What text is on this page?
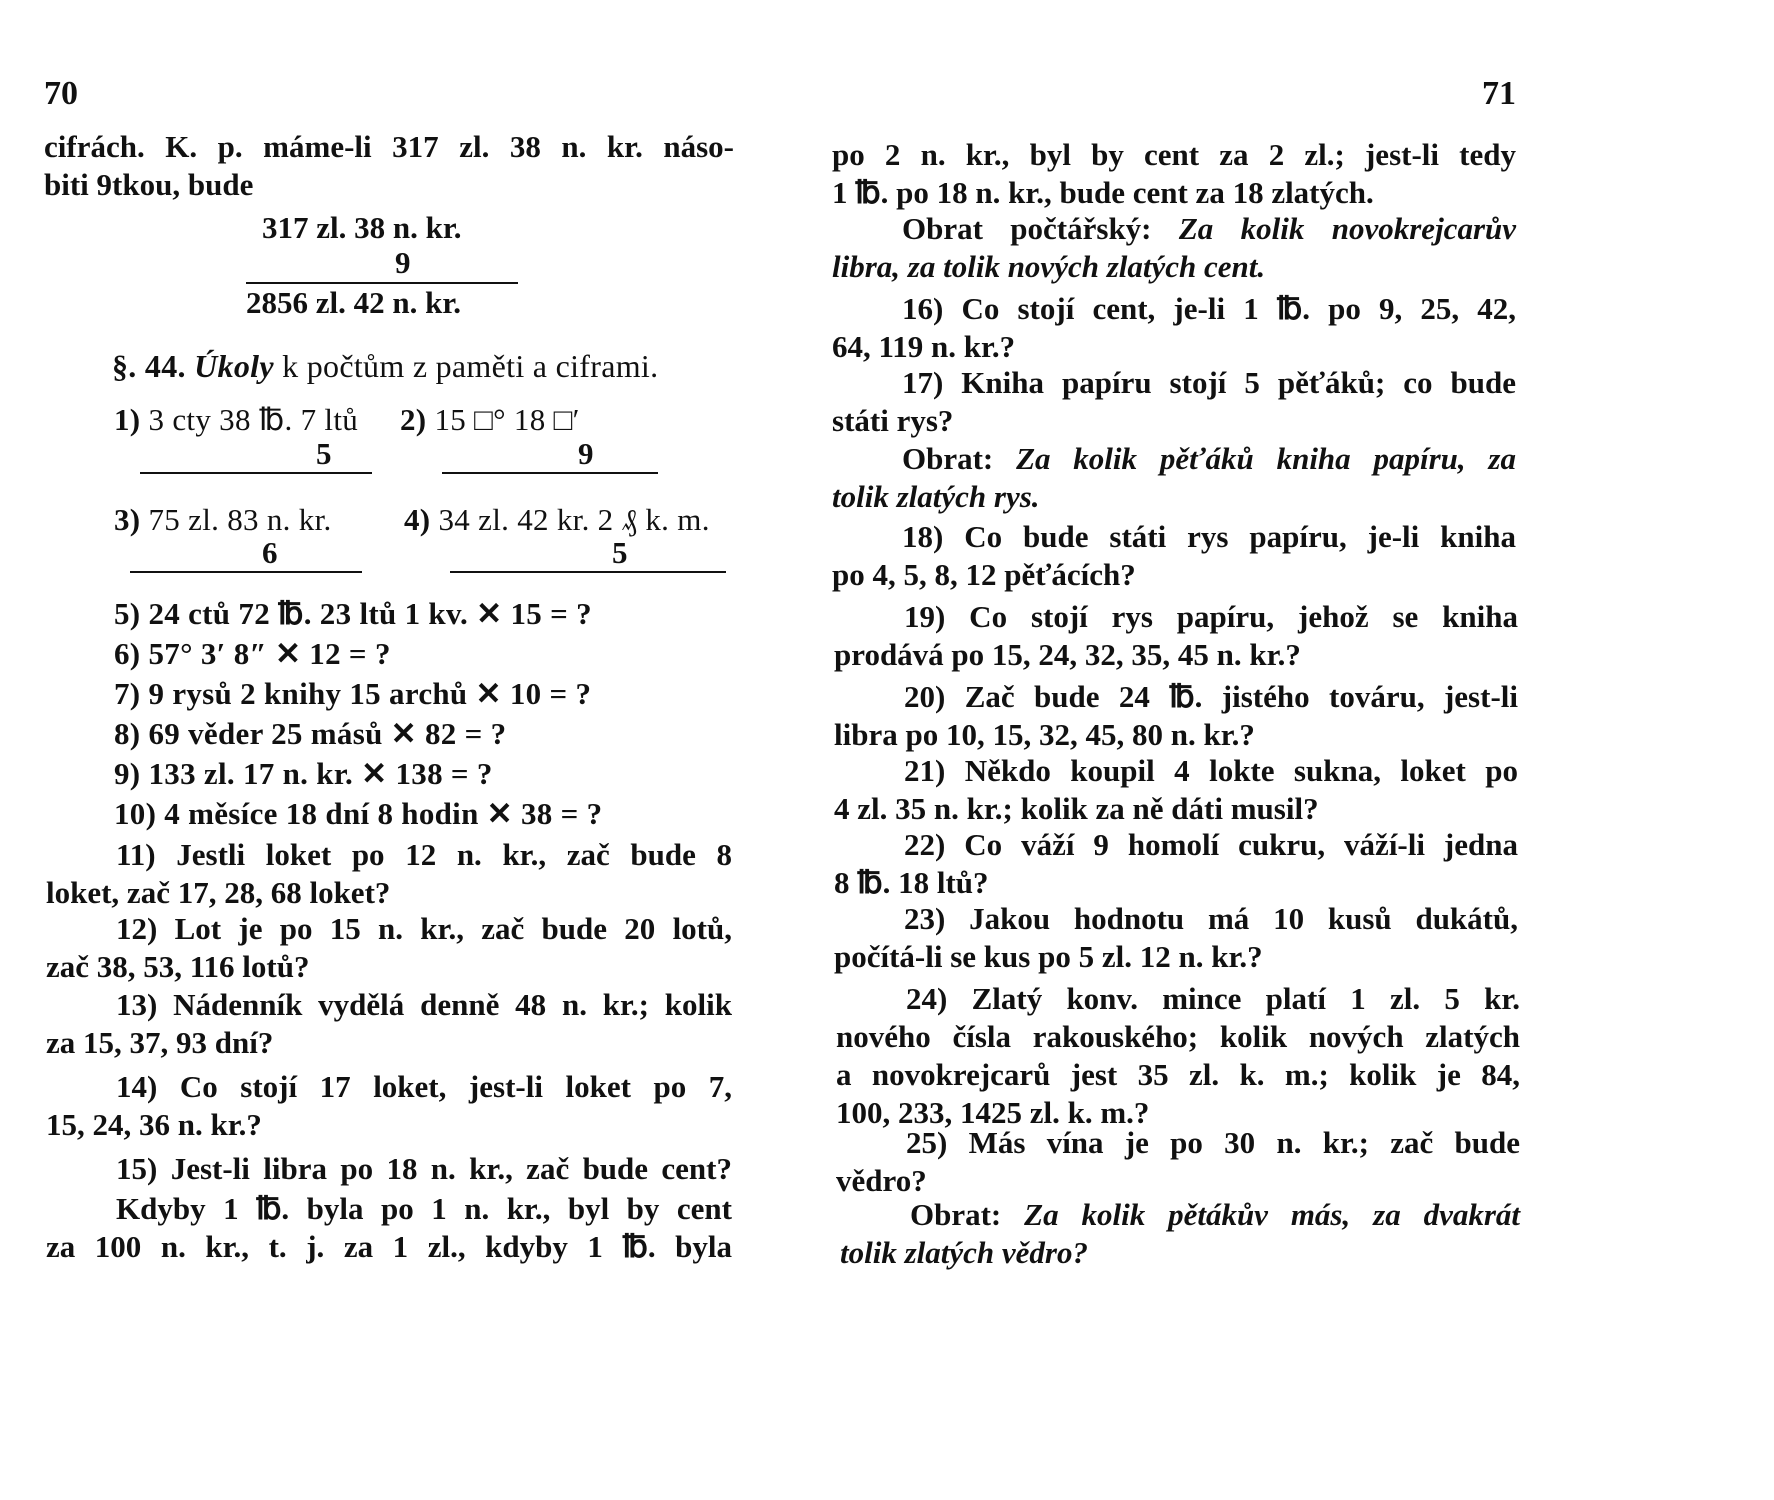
70
cifrách. K. p. máme-li 317 zl. 38 n. kr. náso-
biti 9tkou, bude
317 zl. 38 n. kr.
9
2856 zl. 42 n. kr.
§. 44. Úkoly k počtům z paměti a ciframi.
1) 3 cty 38 ℔. 7 ltů
5
2) 15 □° 18 □′
9
3) 75 zl. 83 n. kr.
6
4) 34 zl. 42 kr. 2 ₰ k. m.
5
5) 24 ctů 72 ℔. 23 ltů 1 kv. ✕ 15 = ?
6) 57° 3′ 8″ ✕ 12 = ?
7) 9 rysů 2 knihy 15 archů ✕ 10 = ?
8) 69 věder 25 másů ✕ 82 = ?
9) 133 zl. 17 n. kr. ✕ 138 = ?
10) 4 měsíce 18 dní 8 hodin ✕ 38 = ?
11) Jestli loket po 12 n. kr., zač bude 8
loket, zač 17, 28, 68 loket?
12) Lot je po 15 n. kr., zač bude 20 lotů,
zač 38, 53, 116 lotů?
13) Nádenník vydělá denně 48 n. kr.; kolik
za 15, 37, 93 dní?
14) Co stojí 17 loket, jest-li loket po 7,
15, 24, 36 n. kr.?
15) Jest-li libra po 18 n. kr., zač bude cent?
Kdyby 1 ℔. byla po 1 n. kr., byl by cent
za 100 n. kr., t. j. za 1 zl., kdyby 1 ℔. byla
71
po 2 n. kr., byl by cent za 2 zl.; jest-li tedy
1 ℔. po 18 n. kr., bude cent za 18 zlatých.
Obrat počtářský: Za kolik novokrejcarův
libra, za tolik nových zlatých cent.
16) Co stojí cent, je-li 1 ℔. po 9, 25, 42,
64, 119 n. kr.?
17) Kniha papíru stojí 5 pěťáků; co bude
státi rys?
Obrat: Za kolik pěťáků kniha papíru, za
tolik zlatých rys.
18) Co bude státi rys papíru, je-li kniha
po 4, 5, 8, 12 pěťácích?
19) Co stojí rys papíru, jehož se kniha
prodává po 15, 24, 32, 35, 45 n. kr.?
20) Zač bude 24 ℔. jistého továru, jest-li
libra po 10, 15, 32, 45, 80 n. kr.?
21) Někdo koupil 4 lokte sukna, loket po
4 zl. 35 n. kr.; kolik za ně dáti musil?
22) Co váží 9 homolí cukru, váží-li jedna
8 ℔. 18 ltů?
23) Jakou hodnotu má 10 kusů dukátů,
počítá-li se kus po 5 zl. 12 n. kr.?
24) Zlatý konv. mince platí 1 zl. 5 kr.
nového čísla rakouského; kolik nových zlatých
a novokrejcarů jest 35 zl. k. m.; kolik je 84,
100, 233, 1425 zl. k. m.?
25) Más vína je po 30 n. kr.; zač bude
vědro?
Obrat: Za kolik pětákův más, za dvakrát
tolik zlatých vědro?
